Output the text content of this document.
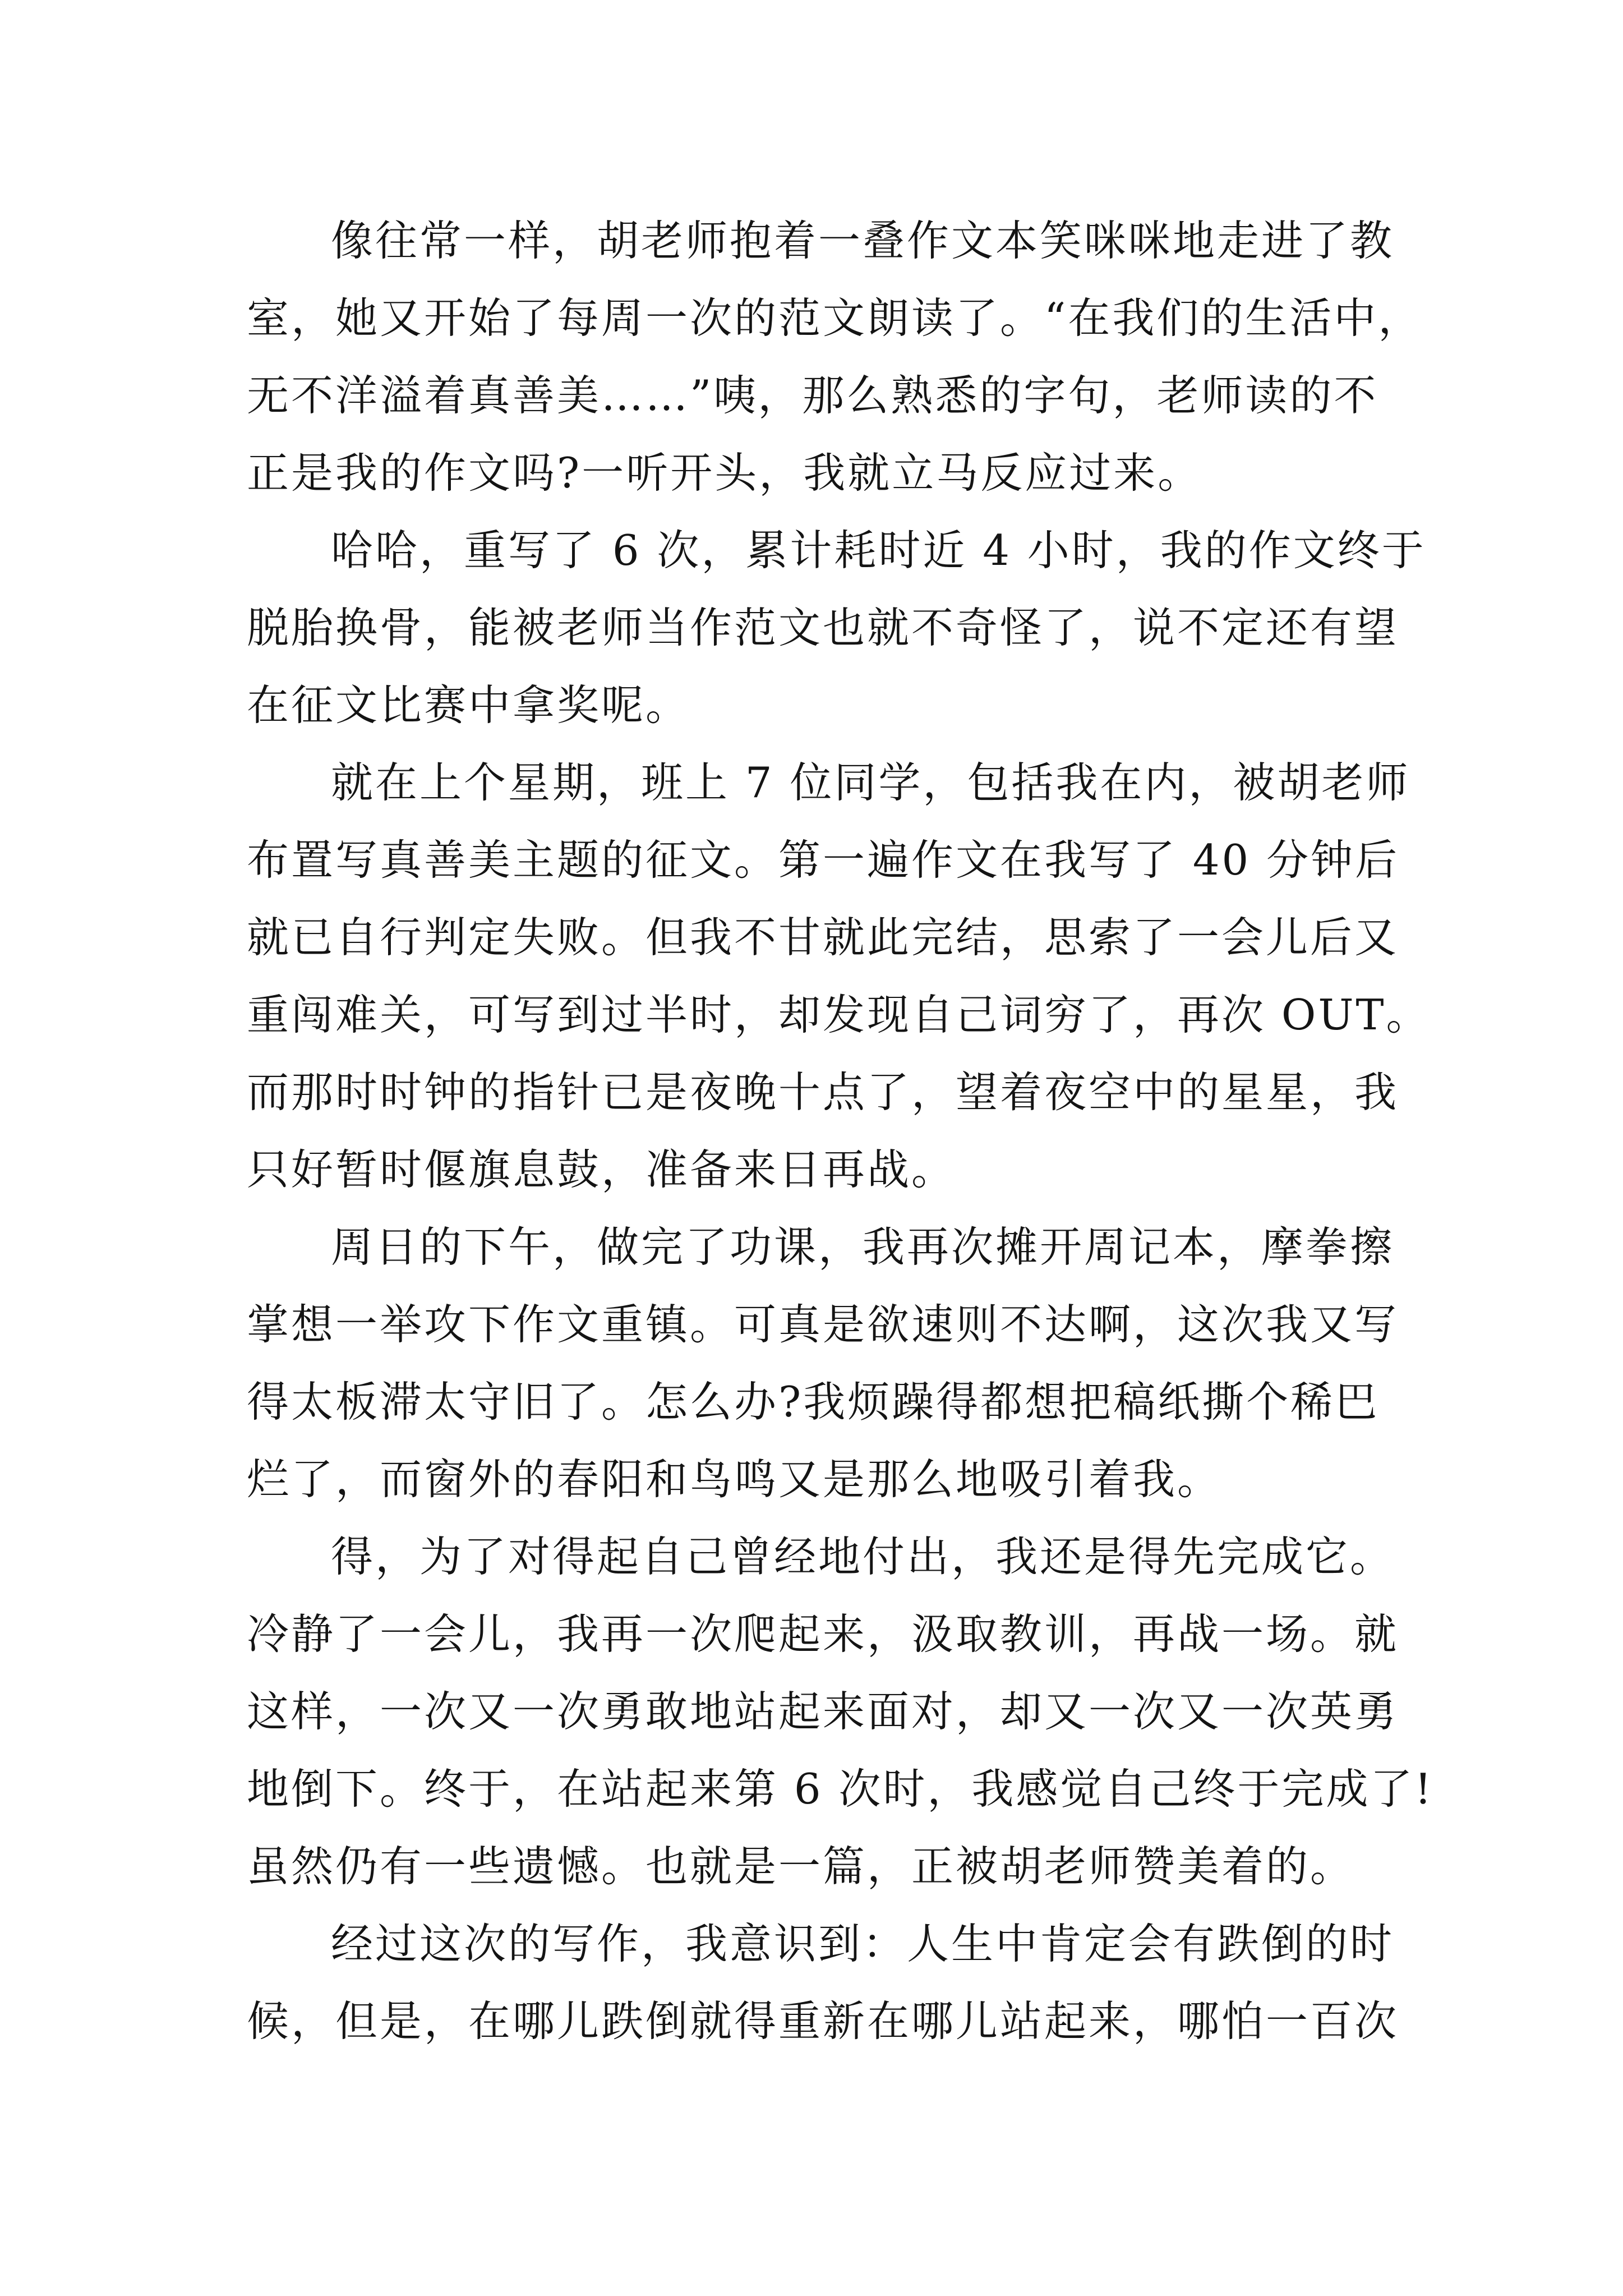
像往常一样，胡老师抱着一叠作文本笑咪咪地走进了教
室，她又开始了每周一次的范文朗读了。“在我们的生活中，
无不洋溢着真善美……”咦，那么熟悉的字句，老师读的不
正是我的作文吗?一听开头，我就立马反应过来。
哈哈，重写了 6 次，累计耗时近 4 小时，我的作文终于
脱胎换骨，能被老师当作范文也就不奇怪了，说不定还有望
在征文比赛中拿奖呢。
就在上个星期，班上 7 位同学，包括我在内，被胡老师
布置写真善美主题的征文。第一遍作文在我写了 40 分钟后
就已自行判定失败。但我不甘就此完结，思索了一会儿后又
重闯难关，可写到过半时，却发现自己词穷了，再次 OUT。
而那时时钟的指针已是夜晚十点了，望着夜空中的星星，我
只好暂时偃旗息鼓，准备来日再战。
周日的下午，做完了功课，我再次摊开周记本，摩拳擦
掌想一举攻下作文重镇。可真是欲速则不达啊，这次我又写
得太板滞太守旧了。怎么办?我烦躁得都想把稿纸撕个稀巴
烂了，而窗外的春阳和鸟鸣又是那么地吸引着我。
得，为了对得起自己曾经地付出，我还是得先完成它。
冷静了一会儿，我再一次爬起来，汲取教训，再战一场。就
这样，一次又一次勇敢地站起来面对，却又一次又一次英勇
地倒下。终于，在站起来第 6 次时，我感觉自己终于完成了!
虽然仍有一些遗憾。也就是一篇，正被胡老师赞美着的。
经过这次的写作，我意识到：人生中肯定会有跌倒的时
候，但是，在哪儿跌倒就得重新在哪儿站起来，哪怕一百次
